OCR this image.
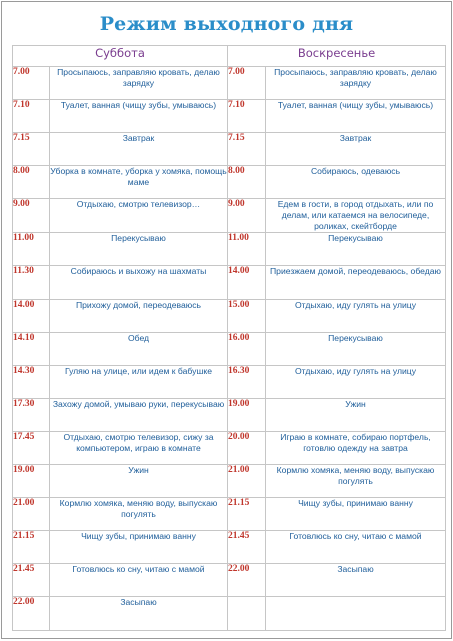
Режим выходного дня
Суббота		Воскресенье	
7.00	Просыпаюсь, заправляю кровать, делаю зарядку	7.00	Просыпаюсь, заправляю кровать, делаю зарядку
7.10	Туалет, ванная (чищу зубы, умываюсь)	7.10	Туалет, ванная (чищу зубы, умываюсь)
7.15	Завтрак	7.15	Завтрак
8.00	Уборка в комнате, уборка у хомяка, помощь маме	8.00	Собираюсь, одеваюсь
9.00	Отдыхаю, смотрю телевизор…	9.00	Едем в гости, в город отдыхать, или по делам, или катаемся на велосипеде, роликах, скейтборде
11.00	Перекусываю	11.00	Перекусываю
11.30	Собираюсь и выхожу на шахматы	14.00	Приезжаем домой, переодеваюсь, обедаю
14.00	Прихожу домой, переодеваюсь	15.00	Отдыхаю, иду гулять на улицу
14.10	Обед	16.00	Перекусываю
14.30	Гуляю на улице, или идем к бабушке	16.30	Отдыхаю, иду гулять на улицу
17.30	Захожу домой, умываю руки, перекусываю	19.00	Ужин
17.45	Отдыхаю, смотрю телевизор, сижу за компьютером, играю в комнате	20.00	Играю в комнате, собираю портфель, готовлю одежду на завтра
19.00	Ужин	21.00	Кормлю хомяка, меняю воду, выпускаю погулять
21.00	Кормлю хомяка, меняю воду, выпускаю погулять	21.15	Чищу зубы, принимаю ванну
21.15	Чищу зубы, принимаю ванну	21.45	Готовлюсь ко сну, читаю с мамой
21.45	Готовлюсь ко сну, читаю с мамой	22.00	Засыпаю
22.00	Засыпаю		
